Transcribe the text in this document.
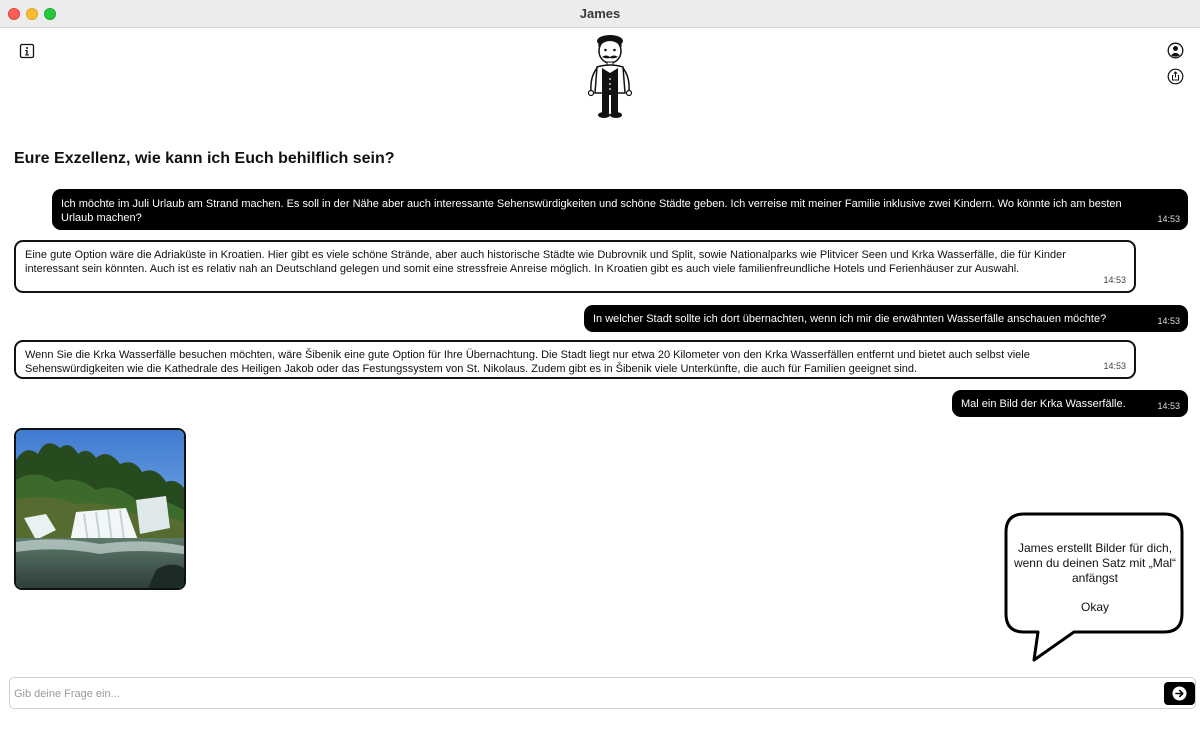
James
Eure Exzellenz, wie kann ich Euch behilflich sein?
Ich möchte im Juli Urlaub am Strand machen. Es soll in der Nähe aber auch interessante Sehenswürdigkeiten und schöne Städte geben. Ich verreise mit meiner Familie inklusive zwei Kindern. Wo könnte ich am besten Urlaub machen?	14:53
Eine gute Option wäre die Adriaküste in Kroatien. Hier gibt es viele schöne Strände, aber auch historische Städte wie Dubrovnik und Split, sowie Nationalparks wie Plitvicer Seen und Krka Wasserfälle, die für Kinder interessant sein könnten. Auch ist es relativ nah an Deutschland gelegen und somit eine stressfreie Anreise möglich. In Kroatien gibt es auch viele familienfreundliche Hotels und Ferienhäuser zur Auswahl.
14:53
In welcher Stadt sollte ich dort übernachten, wenn ich mir die erwähnten Wasserfälle anschauen möchte?	14:53
Wenn Sie die Krka Wasserfälle besuchen möchten, wäre Šibenik eine gute Option für Ihre Übernachtung. Die Stadt liegt nur etwa 20 Kilometer von den Krka Wasserfällen entfernt und bietet auch selbst viele Sehenswürdigkeiten wie die Kathedrale des Heiligen Jakob oder das Festungssystem von St. Nikolaus. Zudem gibt es in Šibenik viele Unterkünfte, die auch für Familien geeignet sind.	14:53
Mal ein Bild der Krka Wasserfälle.	14:53
James erstellt Bilder für dich, wenn du deinen Satz mit „Mal“ anfängst
Okay
Gib deine Frage ein...
